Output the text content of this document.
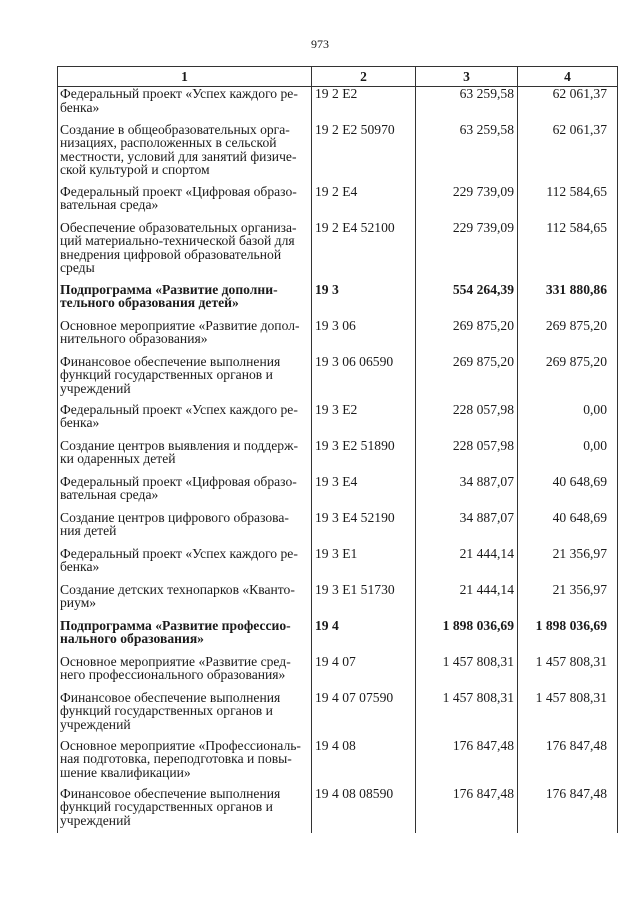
973
1	2	3	4

Федеральный проект «Успех каждого ре-
бенка»	19 2 E2	63 259,58	62 061,37

Создание в общеобразовательных орга-
низациях, расположенных в сельской
местности, условий для занятий физиче-
ской культурой и спортом	19 2 E2 50970	63 259,58	62 061,37

Федеральный проект «Цифровая образо-
вательная среда»	19 2 E4	229 739,09	112 584,65

Обеспечение образовательных организа-
ций материально-технической базой для
внедрения цифровой образовательной
среды	19 2 E4 52100	229 739,09	112 584,65

Подпрограмма «Развитие дополни-
тельного образования детей»	19 3	554 264,39	331 880,86

Основное мероприятие «Развитие допол-
нительного образования»	19 3 06	269 875,20	269 875,20

Финансовое обеспечение выполнения
функций государственных органов и
учреждений	19 3 06 06590	269 875,20	269 875,20

Федеральный проект «Успех каждого ре-
бенка»	19 3 E2	228 057,98	0,00

Создание центров выявления и поддерж-
ки одаренных детей	19 3 E2 51890	228 057,98	0,00

Федеральный проект «Цифровая образо-
вательная среда»	19 3 E4	34 887,07	40 648,69

Создание центров цифрового образова-
ния детей	19 3 E4 52190	34 887,07	40 648,69

Федеральный проект «Успех каждого ре-
бенка»	19 3 E1	21 444,14	21 356,97

Создание детских технопарков «Кванто-
риум»	19 3 E1 51730	21 444,14	21 356,97

Подпрограмма «Развитие профессио-
нального образования»	19 4	1 898 036,69	1 898 036,69

Основное мероприятие «Развитие сред-
него профессионального образования»	19 4 07	1 457 808,31	1 457 808,31

Финансовое обеспечение выполнения
функций государственных органов и
учреждений	19 4 07 07590	1 457 808,31	1 457 808,31

Основное мероприятие «Профессиональ-
ная подготовка, переподготовка и повы-
шение квалификации»	19 4 08	176 847,48	176 847,48

Финансовое обеспечение выполнения
функций государственных органов и
учреждений	19 4 08 08590	176 847,48	176 847,48
